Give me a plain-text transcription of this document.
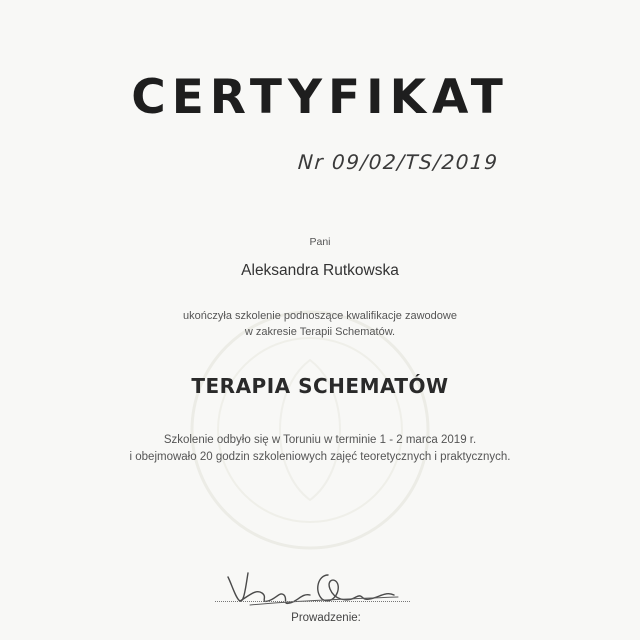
CERTYFIKAT
Nr 09/02/TS/2019
Pani
Aleksandra Rutkowska
ukończyła szkolenie podnoszące kwalifikacje zawodowe
w zakresie Terapii Schematów.
TERAPIA SCHEMATÓW
Szkolenie odbyło się w Toruniu w terminie 1 - 2 marca 2019 r.
i obejmowało 20 godzin szkoleniowych zajęć teoretycznych i praktycznych.
Prowadzenie:
